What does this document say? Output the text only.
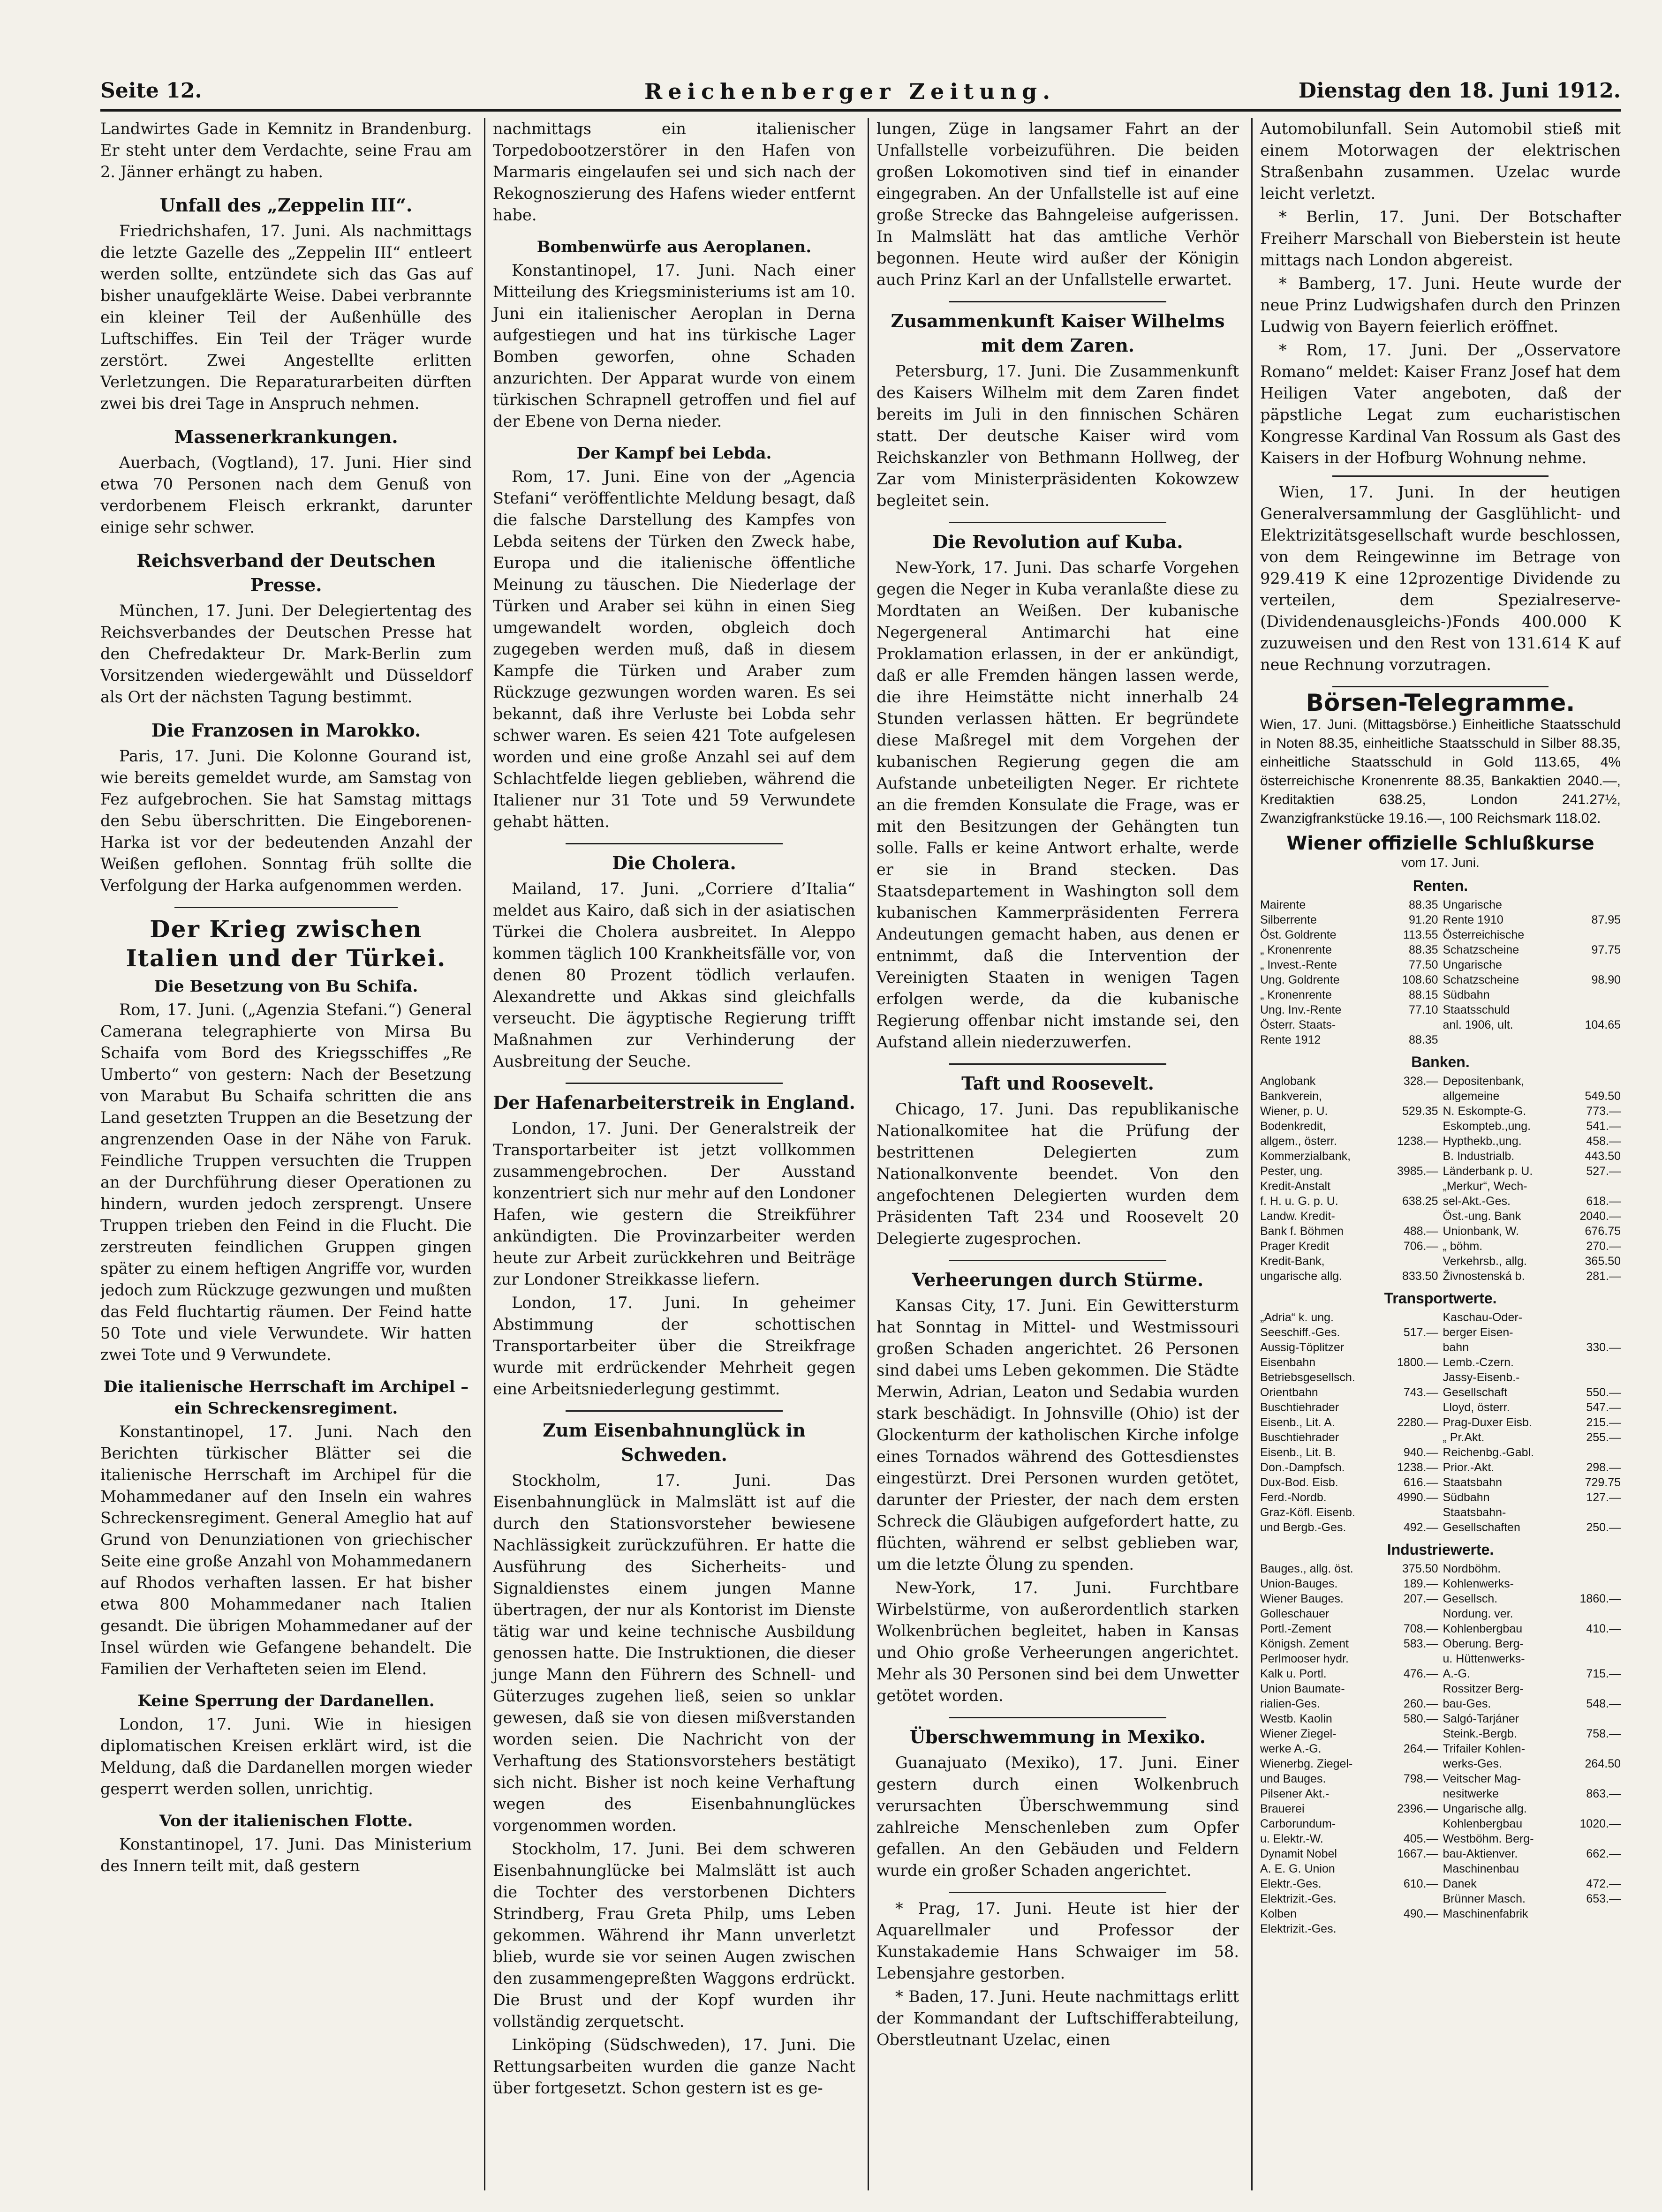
Seite 12.	Reichenberger Zeitung.	Dienstag den 18. Juni 1912.

Landwirtes Gade in Kemnitz in Brandenburg. Er steht unter dem Verdachte, seine Frau am 2. Jänner erhängt zu haben.

Unfall des „Zeppelin III“.

Friedrichshafen, 17. Juni. Als nachmittags die letzte Gazelle des „Zeppelin III“ entleert werden sollte, entzündete sich das Gas auf bisher unaufgeklärte Weise. Dabei verbrannte ein kleiner Teil der Außenhülle des Luftschiffes. Ein Teil der Träger wurde zerstört. Zwei Angestellte erlitten Verletzungen. Die Reparaturarbeiten dürften zwei bis drei Tage in Anspruch nehmen.

Massenerkrankungen.

Auerbach, (Vogtland), 17. Juni. Hier sind etwa 70 Personen nach dem Genuß von verdorbenem Fleisch erkrankt, darunter einige sehr schwer.

Reichsverband der Deutschen Presse.

München, 17. Juni. Der Delegiertentag des Reichsverbandes der Deutschen Presse hat den Chefredakteur Dr. Mark-Berlin zum Vorsitzenden wiedergewählt und Düsseldorf als Ort der nächsten Tagung bestimmt.

Die Franzosen in Marokko.

Paris, 17. Juni. Die Kolonne Gourand ist, wie bereits gemeldet wurde, am Samstag von Fez aufgebrochen. Sie hat Samstag mittags den Sebu überschritten. Die Eingeborenen-Harka ist vor der bedeutenden Anzahl der Weißen geflohen. Sonntag früh sollte die Verfolgung der Harka aufgenommen werden.

Der Krieg zwischen Italien und der Türkei.
Die Besetzung von Bu Schifa.

Rom, 17. Juni. („Agenzia Stefani.“) General Camerana telegraphierte von Mirsa Bu Schaifa vom Bord des Kriegsschiffes „Re Umberto“ von gestern: Nach der Besetzung von Marabut Bu Schaifa schritten die ans Land gesetzten Truppen an die Besetzung der angrenzenden Oase in der Nähe von Faruk. Feindliche Truppen versuchten die Truppen an der Durchführung dieser Operationen zu hindern, wurden jedoch zersprengt. Unsere Truppen trieben den Feind in die Flucht. Die zerstreuten feindlichen Gruppen gingen später zu einem heftigen Angriffe vor, wurden jedoch zum Rückzuge gezwungen und mußten das Feld fluchtartig räumen. Der Feind hatte 50 Tote und viele Verwundete. Wir hatten zwei Tote und 9 Verwundete.

Die italienische Herrschaft im Archipel – ein Schreckensregiment.

Konstantinopel, 17. Juni. Nach den Berichten türkischer Blätter sei die italienische Herrschaft im Archipel für die Mohammedaner auf den Inseln ein wahres Schreckensregiment. General Ameglio hat auf Grund von Denunziationen von griechischer Seite eine große Anzahl von Mohammedanern auf Rhodos verhaften lassen. Er hat bisher etwa 800 Mohammedaner nach Italien gesandt. Die übrigen Mohammedaner auf der Insel würden wie Gefangene behandelt. Die Familien der Verhafteten seien im Elend.

Keine Sperrung der Dardanellen.

London, 17. Juni. Wie in hiesigen diplomatischen Kreisen erklärt wird, ist die Meldung, daß die Dardanellen morgen wieder gesperrt werden sollen, unrichtig.

Von der italienischen Flotte.

Konstantinopel, 17. Juni. Das Ministerium des Innern teilt mit, daß gestern

nachmittags ein italienischer Torpedobootzerstörer in den Hafen von Marmaris eingelaufen sei und sich nach der Rekognoszierung des Hafens wieder entfernt habe.

Bombenwürfe aus Aeroplanen.

Konstantinopel, 17. Juni. Nach einer Mitteilung des Kriegsministeriums ist am 10. Juni ein italienischer Aeroplan in Derna aufgestiegen und hat ins türkische Lager Bomben geworfen, ohne Schaden anzurichten. Der Apparat wurde von einem türkischen Schrapnell getroffen und fiel auf der Ebene von Derna nieder.

Der Kampf bei Lebda.

Rom, 17. Juni. Eine von der „Agencia Stefani“ veröffentlichte Meldung besagt, daß die falsche Darstellung des Kampfes von Lebda seitens der Türken den Zweck habe, Europa und die italienische öffentliche Meinung zu täuschen. Die Niederlage der Türken und Araber sei kühn in einen Sieg umgewandelt worden, obgleich doch zugegeben werden muß, daß in diesem Kampfe die Türken und Araber zum Rückzuge gezwungen worden waren. Es sei bekannt, daß ihre Verluste bei Lobda sehr schwer waren. Es seien 421 Tote aufgelesen worden und eine große Anzahl sei auf dem Schlachtfelde liegen geblieben, während die Italiener nur 31 Tote und 59 Verwundete gehabt hätten.

Die Cholera.

Mailand, 17. Juni. „Corriere d’Italia“ meldet aus Kairo, daß sich in der asiatischen Türkei die Cholera ausbreitet. In Aleppo kommen täglich 100 Krankheitsfälle vor, von denen 80 Prozent tödlich verlaufen. Alexandrette und Akkas sind gleichfalls verseucht. Die ägyptische Regierung trifft Maßnahmen zur Verhinderung der Ausbreitung der Seuche.

Der Hafenarbeiterstreik in England.

London, 17. Juni. Der Generalstreik der Transportarbeiter ist jetzt vollkommen zusammengebrochen. Der Ausstand konzentriert sich nur mehr auf den Londoner Hafen, wie gestern die Streikführer ankündigten. Die Provinzarbeiter werden heute zur Arbeit zurückkehren und Beiträge zur Londoner Streikkasse liefern.

London, 17. Juni. In geheimer Abstimmung der schottischen Transportarbeiter über die Streikfrage wurde mit erdrückender Mehrheit gegen eine Arbeitsniederlegung gestimmt.

Zum Eisenbahnunglück in Schweden.

Stockholm, 17. Juni. Das Eisenbahnunglück in Malmslätt ist auf die durch den Stationsvorsteher bewiesene Nachlässigkeit zurückzuführen. Er hatte die Ausführung des Sicherheits- und Signaldienstes einem jungen Manne übertragen, der nur als Kontorist im Dienste tätig war und keine technische Ausbildung genossen hatte. Die Instruktionen, die dieser junge Mann den Führern des Schnell- und Güterzuges zugehen ließ, seien so unklar gewesen, daß sie von diesen mißverstanden worden seien. Die Nachricht von der Verhaftung des Stationsvorstehers bestätigt sich nicht. Bisher ist noch keine Verhaftung wegen des Eisenbahnunglückes vorgenommen worden.

Stockholm, 17. Juni. Bei dem schweren Eisenbahnunglücke bei Malmslätt ist auch die Tochter des verstorbenen Dichters Strindberg, Frau Greta Philp, ums Leben gekommen. Während ihr Mann unverletzt blieb, wurde sie vor seinen Augen zwischen den zusammengepreßten Waggons erdrückt. Die Brust und der Kopf wurden ihr vollständig zerquetscht.

Linköping (Südschweden), 17. Juni. Die Rettungsarbeiten wurden die ganze Nacht über fortgesetzt. Schon gestern ist es ge-

lungen, Züge in langsamer Fahrt an der Unfallstelle vorbeizuführen. Die beiden großen Lokomotiven sind tief in einander eingegraben. An der Unfallstelle ist auf eine große Strecke das Bahngeleise aufgerissen. In Malmslätt hat das amtliche Verhör begonnen. Heute wird außer der Königin auch Prinz Karl an der Unfallstelle erwartet.

Zusammenkunft Kaiser Wilhelms mit dem Zaren.

Petersburg, 17. Juni. Die Zusammenkunft des Kaisers Wilhelm mit dem Zaren findet bereits im Juli in den finnischen Schären statt. Der deutsche Kaiser wird vom Reichskanzler von Bethmann Hollweg, der Zar vom Ministerpräsidenten Kokowzew begleitet sein.

Die Revolution auf Kuba.

New-York, 17. Juni. Das scharfe Vorgehen gegen die Neger in Kuba veranlaßte diese zu Mordtaten an Weißen. Der kubanische Negergeneral Antimarchi hat eine Proklamation erlassen, in der er ankündigt, daß er alle Fremden hängen lassen werde, die ihre Heimstätte nicht innerhalb 24 Stunden verlassen hätten. Er begründete diese Maßregel mit dem Vorgehen der kubanischen Regierung gegen die am Aufstande unbeteiligten Neger. Er richtete an die fremden Konsulate die Frage, was er mit den Besitzungen der Gehängten tun solle. Falls er keine Antwort erhalte, werde er sie in Brand stecken. Das Staatsdepartement in Washington soll dem kubanischen Kammerpräsidenten Ferrera Andeutungen gemacht haben, aus denen er entnimmt, daß die Intervention der Vereinigten Staaten in wenigen Tagen erfolgen werde, da die kubanische Regierung offenbar nicht imstande sei, den Aufstand allein niederzuwerfen.

Taft und Roosevelt.

Chicago, 17. Juni. Das republikanische Nationalkomitee hat die Prüfung der bestrittenen Delegierten zum Nationalkonvente beendet. Von den angefochtenen Delegierten wurden dem Präsidenten Taft 234 und Roosevelt 20 Delegierte zugesprochen.

Verheerungen durch Stürme.

Kansas City, 17. Juni. Ein Gewittersturm hat Sonntag in Mittel- und Westmissouri großen Schaden angerichtet. 26 Personen sind dabei ums Leben gekommen. Die Städte Merwin, Adrian, Leaton und Sedabia wurden stark beschädigt. In Johnsville (Ohio) ist der Glockenturm der katholischen Kirche infolge eines Tornados während des Gottesdienstes eingestürzt. Drei Personen wurden getötet, darunter der Priester, der nach dem ersten Schreck die Gläubigen aufgefordert hatte, zu flüchten, während er selbst geblieben war, um die letzte Ölung zu spenden.

New-York, 17. Juni. Furchtbare Wirbelstürme, von außerordentlich starken Wolkenbrüchen begleitet, haben in Kansas und Ohio große Verheerungen angerichtet. Mehr als 30 Personen sind bei dem Unwetter getötet worden.

Überschwemmung in Mexiko.

Guanajuato (Mexiko), 17. Juni. Einer gestern durch einen Wolkenbruch verursachten Überschwemmung sind zahlreiche Menschenleben zum Opfer gefallen. An den Gebäuden und Feldern wurde ein großer Schaden angerichtet.

* Prag, 17. Juni. Heute ist hier der Aquarellmaler und Professor der Kunstakademie Hans Schwaiger im 58. Lebensjahre gestorben.

* Baden, 17. Juni. Heute nachmittags erlitt der Kommandant der Luftschifferabteilung, Oberstleutnant Uzelac, einen

Automobilunfall. Sein Automobil stieß mit einem Motorwagen der elektrischen Straßenbahn zusammen. Uzelac wurde leicht verletzt.

* Berlin, 17. Juni. Der Botschafter Freiherr Marschall von Bieberstein ist heute mittags nach London abgereist.

* Bamberg, 17. Juni. Heute wurde der neue Prinz Ludwigshafen durch den Prinzen Ludwig von Bayern feierlich eröffnet.

* Rom, 17. Juni. Der „Osservatore Romano“ meldet: Kaiser Franz Josef hat dem Heiligen Vater angeboten, daß der päpstliche Legat zum eucharistischen Kongresse Kardinal Van Rossum als Gast des Kaisers in der Hofburg Wohnung nehme.

Wien, 17. Juni. In der heutigen Generalversammlung der Gasglühlicht- und Elektrizitätsgesellschaft wurde beschlossen, von dem Reingewinne im Betrage von 929.419 K eine 12prozentige Dividende zu verteilen, dem Spezialreserve-(Dividendenausgleichs-)Fonds 400.000 K zuzuweisen und den Rest von 131.614 K auf neue Rechnung vorzutragen.

Börsen-Telegramme.

Wien, 17. Juni. (Mittagsbörse.) Einheitliche Staatsschuld in Noten 88.35, einheitliche Staatsschuld in Silber 88.35, einheitliche Staatsschuld in Gold 113.65, 4% österreichische Kronenrente 88.35, Bankaktien 2040.—, Kreditaktien 638.25, London 241.27½, Zwanzigfrankstücke 19.16.—, 100 Reichsmark 118.02.

Wiener offizielle Schlußkurse
vom 17. Juni.
Renten.
Mairente	88.35
Silberrente	91.20
Öst. Goldrente	113.55
„ Kronenrente	88.35
„ Invest.-Rente	77.50
Ung. Goldrente	108.60
„ Kronenrente	88.15
Ung. Inv.-Rente	77.10
Österr. Staats-
Rente 1912	88.35
Ungarische
Rente 1910	87.95
Österreichische
Schatzscheine	97.75
Ungarische
Schatzscheine	98.90
Südbahn
Staatsschuld
anl. 1906, ult.	104.65
Banken.
Anglobank	328.—
Bankverein,
Wiener, p. U.	529.35
Bodenkredit,
allgem., österr.	1238.—
Kommerzialbank,
Pester, ung.	3985.—
Kredit-Anstalt
f. H. u. G. p. U.	638.25
Landw. Kredit-
Bank f. Böhmen	488.—
Prager Kredit	706.—
Kredit-Bank,
ungarische allg.	833.50
Depositenbank,
allgemeine	549.50
N. Eskompte-G.	773.—
Eskompteb.,ung.	541.—
Hypthekb.,ung.	458.—
B. Industrialb.	443.50
Länderbank p. U.	527.—
„Merkur“, Wech-
sel-Akt.-Ges.	618.—
Öst.-ung. Bank	2040.—
Unionbank, W.	676.75
„ böhm.	270.—
Verkehrsb., allg.	365.50
Živnostenská b.	281.—
Transportwerte.
„Adria“ k. ung.
Seeschiff.-Ges.	517.—
Aussig-Töplitzer
Eisenbahn	1800.—
Betriebsgesellsch.
Orientbahn	743.—
Buschtiehrader
Eisenb., Lit. A.	2280.—
Buschtiehrader
Eisenb., Lit. B.	940.—
Don.-Dampfsch.	1238.—
Dux-Bod. Eisb.	616.—
Ferd.-Nordb.	4990.—
Graz-Köfl. Eisenb.
und Bergb.-Ges.	492.—
Kaschau-Oder-
berger Eisen-
bahn	330.—
Lemb.-Czern.
Jassy-Eisenb.-
Gesellschaft	550.—
Lloyd, österr.	547.—
Prag-Duxer Eisb.	215.—
„ Pr.Akt.	255.—
Reichenbg.-Gabl.
Prior.-Akt.	298.—
Staatsbahn	729.75
Südbahn	127.—
Staatsbahn-
Gesellschaften	250.—
Industriewerte.
Bauges., allg. öst.	375.50
Union-Bauges.	189.—
Wiener Bauges.	207.—
Golleschauer
Portl.-Zement	708.—
Königsh. Zement	583.—
Perlmooser hydr.
Kalk u. Portl.	476.—
Union Baumate-
rialien-Ges.	260.—
Westb. Kaolin	580.—
Wiener Ziegel-
werke A.-G.	264.—
Wienerbg. Ziegel-
und Bauges.	798.—
Pilsener Akt.-
Brauerei	2396.—
Carborundum-
u. Elektr.-W.	405.—
Dynamit Nobel	1667.—
A. E. G. Union
Elektr.-Ges.	610.—
Elektrizit.-Ges.
Kolben	490.—
Elektrizit.-Ges.
Nordböhm.
Kohlenwerks-
Gesellsch.	1860.—
Nordung. ver.
Kohlenbergbau	410.—
Oberung. Berg-
u. Hüttenwerks-
A.-G.	715.—
Rossitzer Berg-
bau-Ges.	548.—
Salgó-Tarjáner
Steink.-Bergb.	758.—
Trifailer Kohlen-
werks-Ges.	264.50
Veitscher Mag-
nesitwerke	863.—
Ungarische allg.
Kohlenbergbau	1020.—
Westböhm. Berg-
bau-Aktienver.	662.—
Maschinenbau
Danek	472.—
Brünner Masch.	653.—
Maschinenfabrik
